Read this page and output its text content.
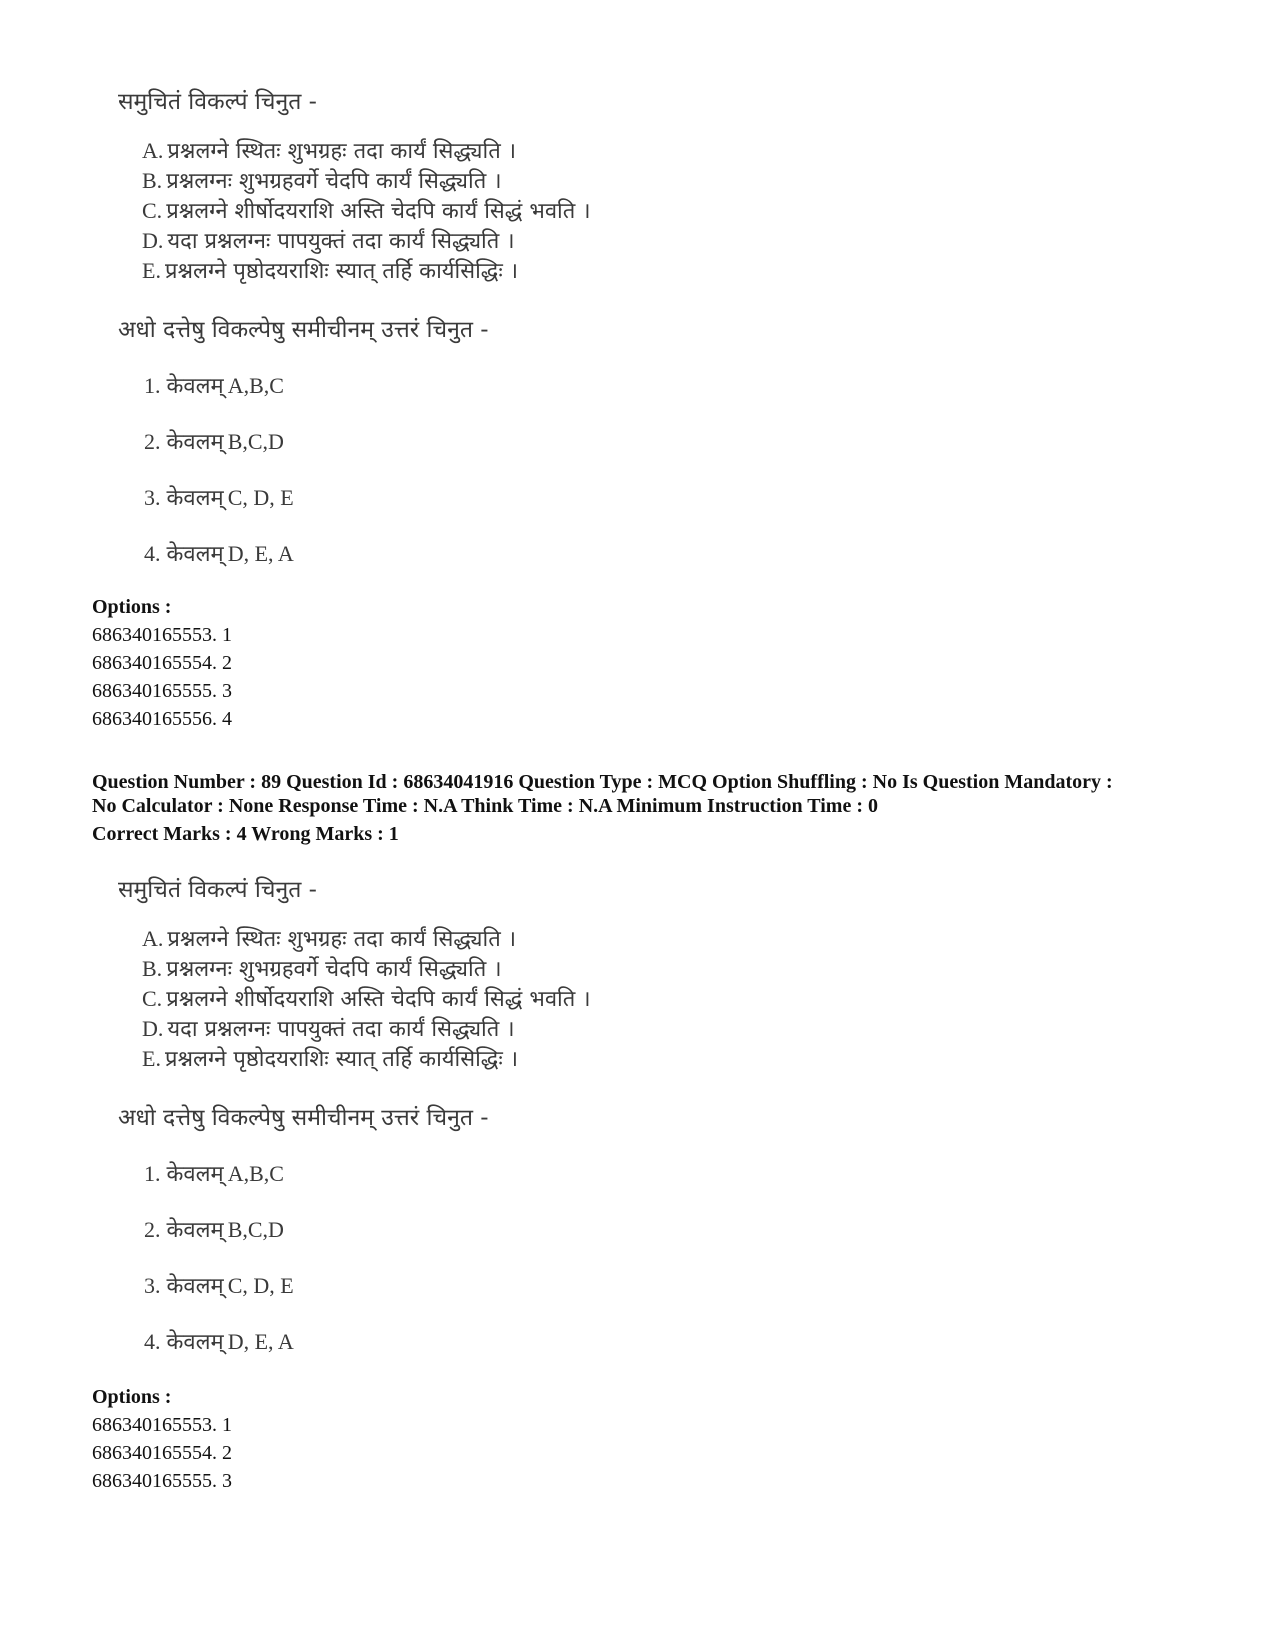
समुचितं विकल्पं चिनुत -
A. प्रश्नलग्ने स्थितः शुभग्रहः तदा कार्यं सिद्ध्यति ।
B. प्रश्नलग्नः शुभग्रहवर्गे चेदपि कार्यं सिद्ध्यति ।
C. प्रश्नलग्ने शीर्षोदयराशि अस्ति चेदपि कार्यं सिद्धं भवति ।
D. यदा प्रश्नलग्नः पापयुक्तं तदा कार्यं सिद्ध्यति ।
E. प्रश्नलग्ने पृष्ठोदयराशिः स्यात् तर्हि कार्यसिद्धिः ।
अधो दत्तेषु विकल्पेषु समीचीनम् उत्तरं चिनुत -
1. केवलम् A,B,C
2. केवलम् B,C,D
3. केवलम् C, D, E
4. केवलम् D, E, A
Options :
686340165553. 1
686340165554. 2
686340165555. 3
686340165556. 4
Question Number : 89 Question Id : 68634041916 Question Type : MCQ Option Shuffling : No Is Question Mandatory :
No Calculator : None Response Time : N.A Think Time : N.A Minimum Instruction Time : 0
Correct Marks : 4 Wrong Marks : 1
समुचितं विकल्पं चिनुत -
A. प्रश्नलग्ने स्थितः शुभग्रहः तदा कार्यं सिद्ध्यति ।
B. प्रश्नलग्नः शुभग्रहवर्गे चेदपि कार्यं सिद्ध्यति ।
C. प्रश्नलग्ने शीर्षोदयराशि अस्ति चेदपि कार्यं सिद्धं भवति ।
D. यदा प्रश्नलग्नः पापयुक्तं तदा कार्यं सिद्ध्यति ।
E. प्रश्नलग्ने पृष्ठोदयराशिः स्यात् तर्हि कार्यसिद्धिः ।
अधो दत्तेषु विकल्पेषु समीचीनम् उत्तरं चिनुत -
1. केवलम् A,B,C
2. केवलम् B,C,D
3. केवलम् C, D, E
4. केवलम् D, E, A
Options :
686340165553. 1
686340165554. 2
686340165555. 3
